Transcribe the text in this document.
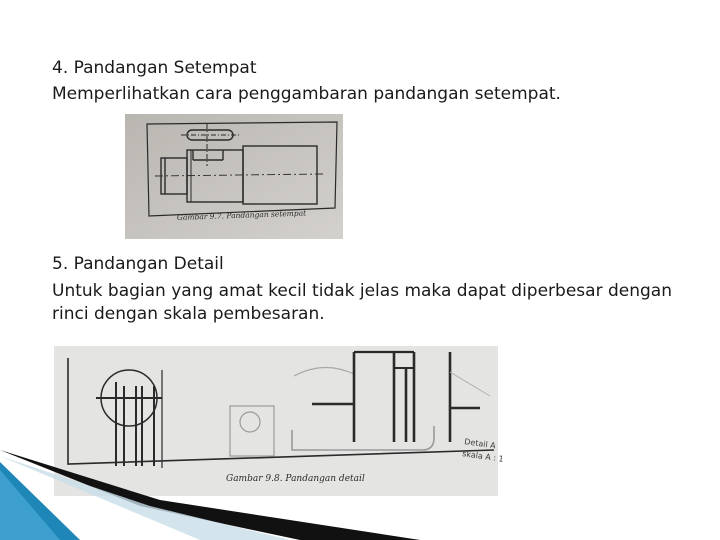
4. Pandangan Setempat
Memperlihatkan cara penggambaran pandangan setempat.
Gambar 9.7. Pandangan setempat
5. Pandangan Detail
Untuk bagian yang amat kecil tidak jelas maka dapat diperbesar dengan rinci dengan skala pembesaran.
Detail A
skala A : 1
Gambar 9.8. Pandangan detail
